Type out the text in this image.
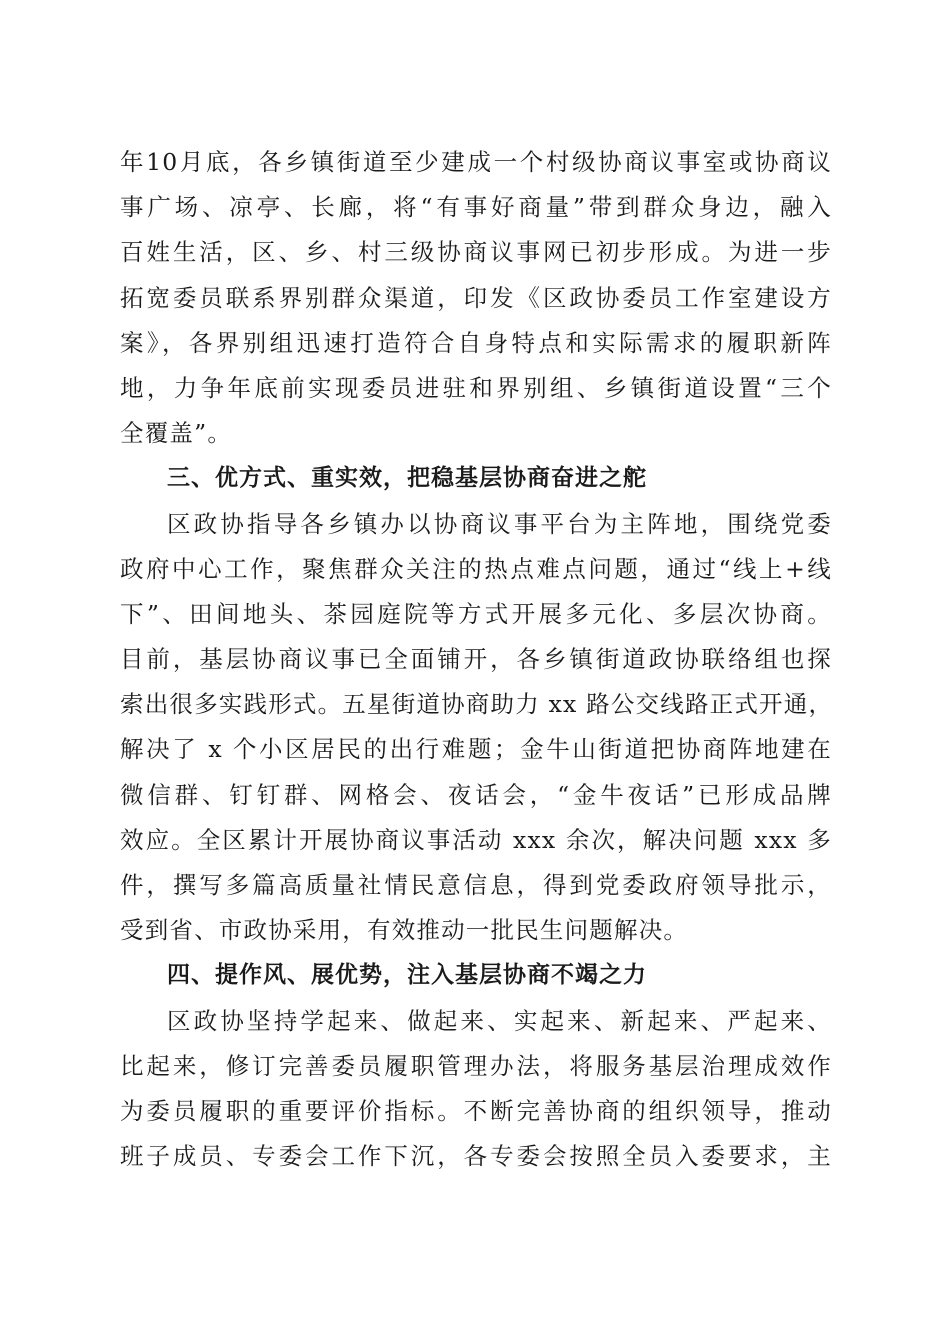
年10月底，各乡镇街道至少建成一个村级协商议事室或协商议
事广场、凉亭、长廊，将“有事好商量”带到群众身边，融入
百姓生活，区、乡、村三级协商议事网已初步形成。为进一步
拓宽委员联系界别群众渠道，印发《区政协委员工作室建设方
案》，各界别组迅速打造符合自身特点和实际需求的履职新阵
地，力争年底前实现委员进驻和界别组、乡镇街道设置“三个
全覆盖”。
三、优方式、重实效，把稳基层协商奋进之舵
区政协指导各乡镇办以协商议事平台为主阵地，围绕党委
政府中心工作，聚焦群众关注的热点难点问题，通过“线上+线
下”、田间地头、茶园庭院等方式开展多元化、多层次协商。
目前，基层协商议事已全面铺开，各乡镇街道政协联络组也探
索出很多实践形式。五星街道协商助力 xx 路公交线路正式开通，
解决了 x 个小区居民的出行难题；金牛山街道把协商阵地建在
微信群、钉钉群、网格会、夜话会，“金牛夜话”已形成品牌
效应。全区累计开展协商议事活动 xxx 余次，解决问题 xxx 多
件，撰写多篇高质量社情民意信息，得到党委政府领导批示，
受到省、市政协采用，有效推动一批民生问题解决。
四、提作风、展优势，注入基层协商不竭之力
区政协坚持学起来、做起来、实起来、新起来、严起来、
比起来，修订完善委员履职管理办法，将服务基层治理成效作
为委员履职的重要评价指标。不断完善协商的组织领导，推动
班子成员、专委会工作下沉，各专委会按照全员入委要求，主
